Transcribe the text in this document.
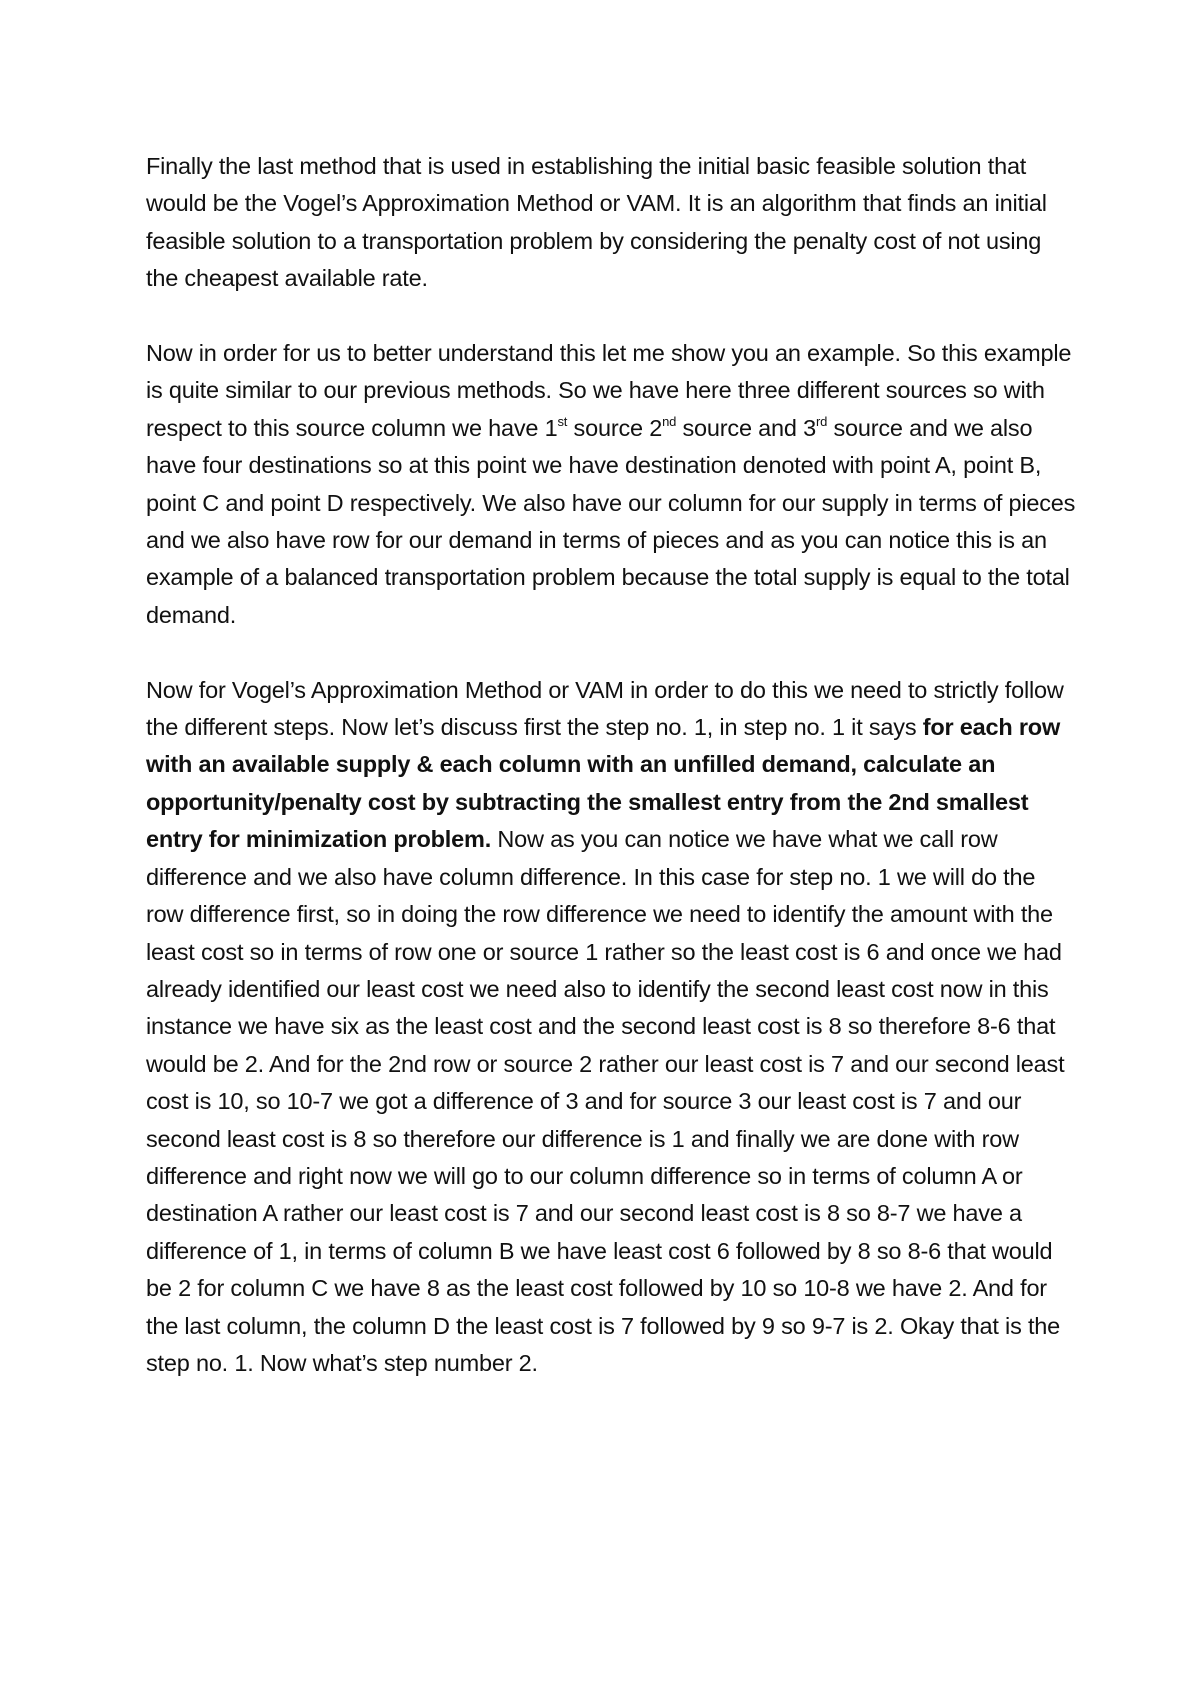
Finally the last method that is used in establishing the initial basic feasible solution that would be the Vogel’s Approximation Method or VAM. It is an algorithm that finds an initial feasible solution to a transportation problem by considering the penalty cost of not using the cheapest available rate.

Now in order for us to better understand this let me show you an example. So this example is quite similar to our previous methods. So we have here three different sources so with respect to this source column we have 1st source 2nd source and 3rd source and we also have four destinations so at this point we have destination denoted with point A, point B, point C and point D respectively. We also have our column for our supply in terms of pieces and we also have row for our demand in terms of pieces and as you can notice this is an example of a balanced transportation problem because the total supply is equal to the total demand.

Now for Vogel’s Approximation Method or VAM in order to do this we need to strictly follow the different steps. Now let’s discuss first the step no. 1, in step no. 1 it says for each row with an available supply & each column with an unfilled demand, calculate an opportunity/penalty cost by subtracting the smallest entry from the 2nd smallest entry for minimization problem. Now as you can notice we have what we call row difference and we also have column difference. In this case for step no. 1 we will do the row difference first, so in doing the row difference we need to identify the amount with the least cost so in terms of row one or source 1 rather so the least cost is 6 and once we had already identified our least cost we need also to identify the second least cost now in this instance we have six as the least cost and the second least cost is 8 so therefore 8-6 that would be 2. And for the 2nd row or source 2 rather our least cost is 7 and our second least cost is 10, so 10-7 we got a difference of 3 and for source 3 our least cost is 7 and our second least cost is 8 so therefore our difference is 1 and finally we are done with row difference and right now we will go to our column difference so in terms of column A or destination A rather our least cost is 7 and our second least cost is 8 so 8-7 we have a difference of 1, in terms of column B we have least cost 6 followed by 8 so 8-6 that would be 2 for column C we have 8 as the least cost followed by 10 so 10-8 we have 2. And for the last column, the column D the least cost is 7 followed by 9 so 9-7 is 2. Okay that is the step no. 1. Now what’s step number 2.
